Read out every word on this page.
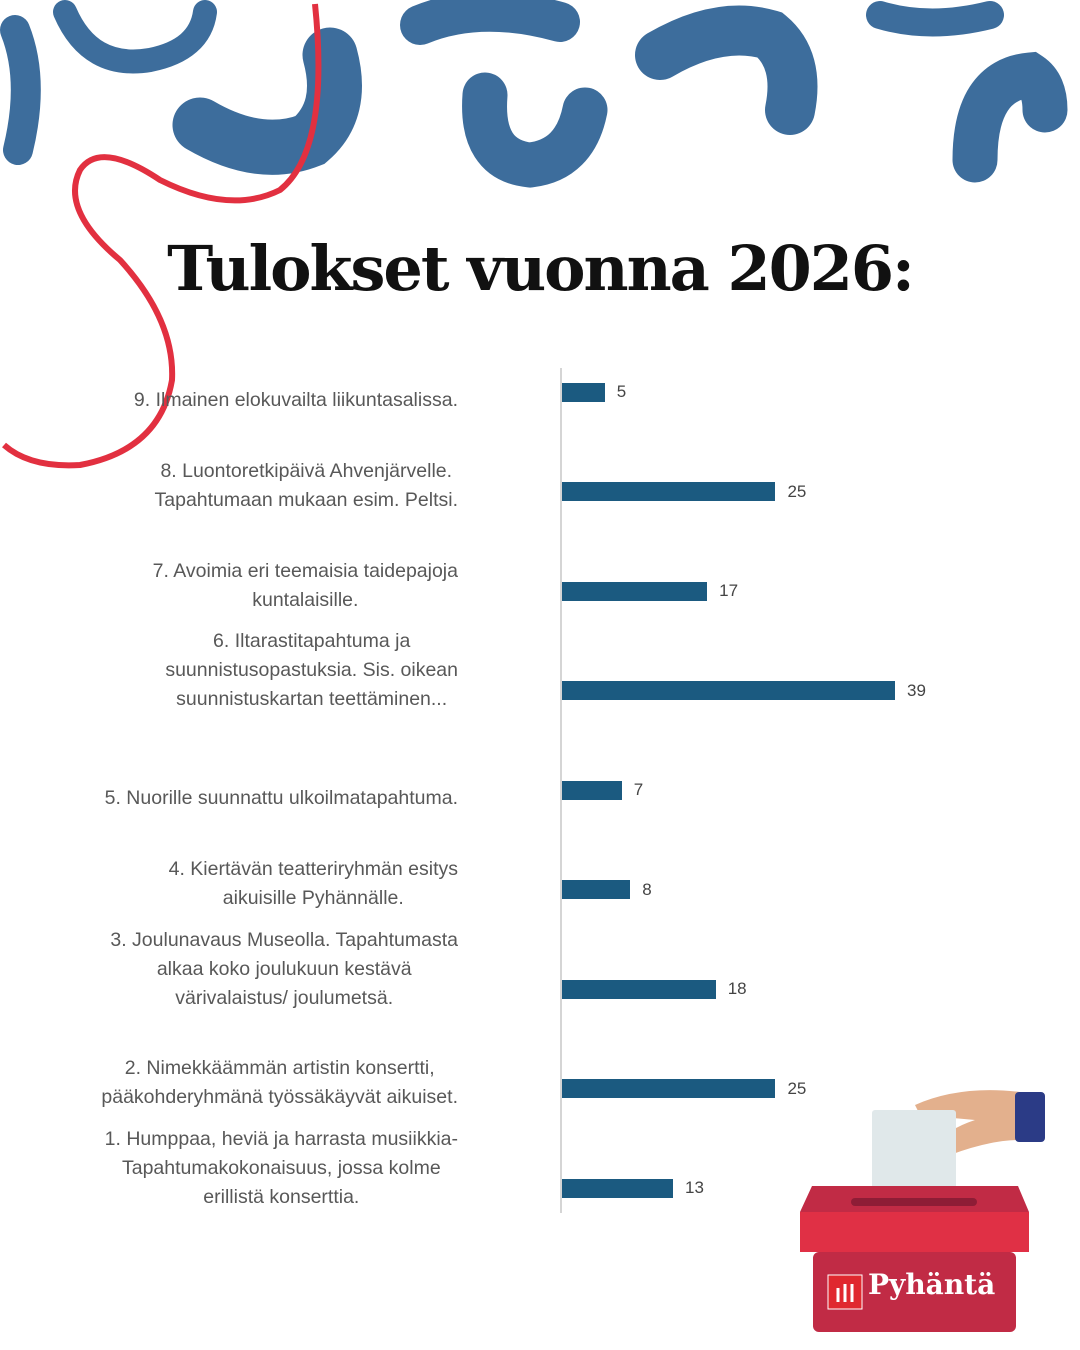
Tulokset vuonna 2026:
5
9. Ilmainen elokuvailta liikuntasalissa.
25
8. Luontoretkipäivä Ahvenjärvelle.
Tapahtumaan mukaan esim. Peltsi.
17
7. Avoimia eri teemaisia taidepajoja
kuntalaisille.
39
6. Iltarastitapahtuma ja
suunnistusopastuksia. Sis. oikean
suunnistuskartan teettäminen...
7
5. Nuorille suunnattu ulkoilmatapahtuma.
8
4. Kiertävän teatteriryhmän esitys
aikuisille Pyhännälle.
18
3. Joulunavaus Museolla. Tapahtumasta
alkaa koko joulukuun kestävä
värivalaistus/ joulumetsä.
25
2. Nimekkäämmän artistin konsertti,
pääkohderyhmänä työssäkäyvät aikuiset.
13
1. Humppaa, heviä ja harrasta musiikkia-
Tapahtumakokonaisuus, jossa kolme
erillistä konserttia.
Pyhäntä
